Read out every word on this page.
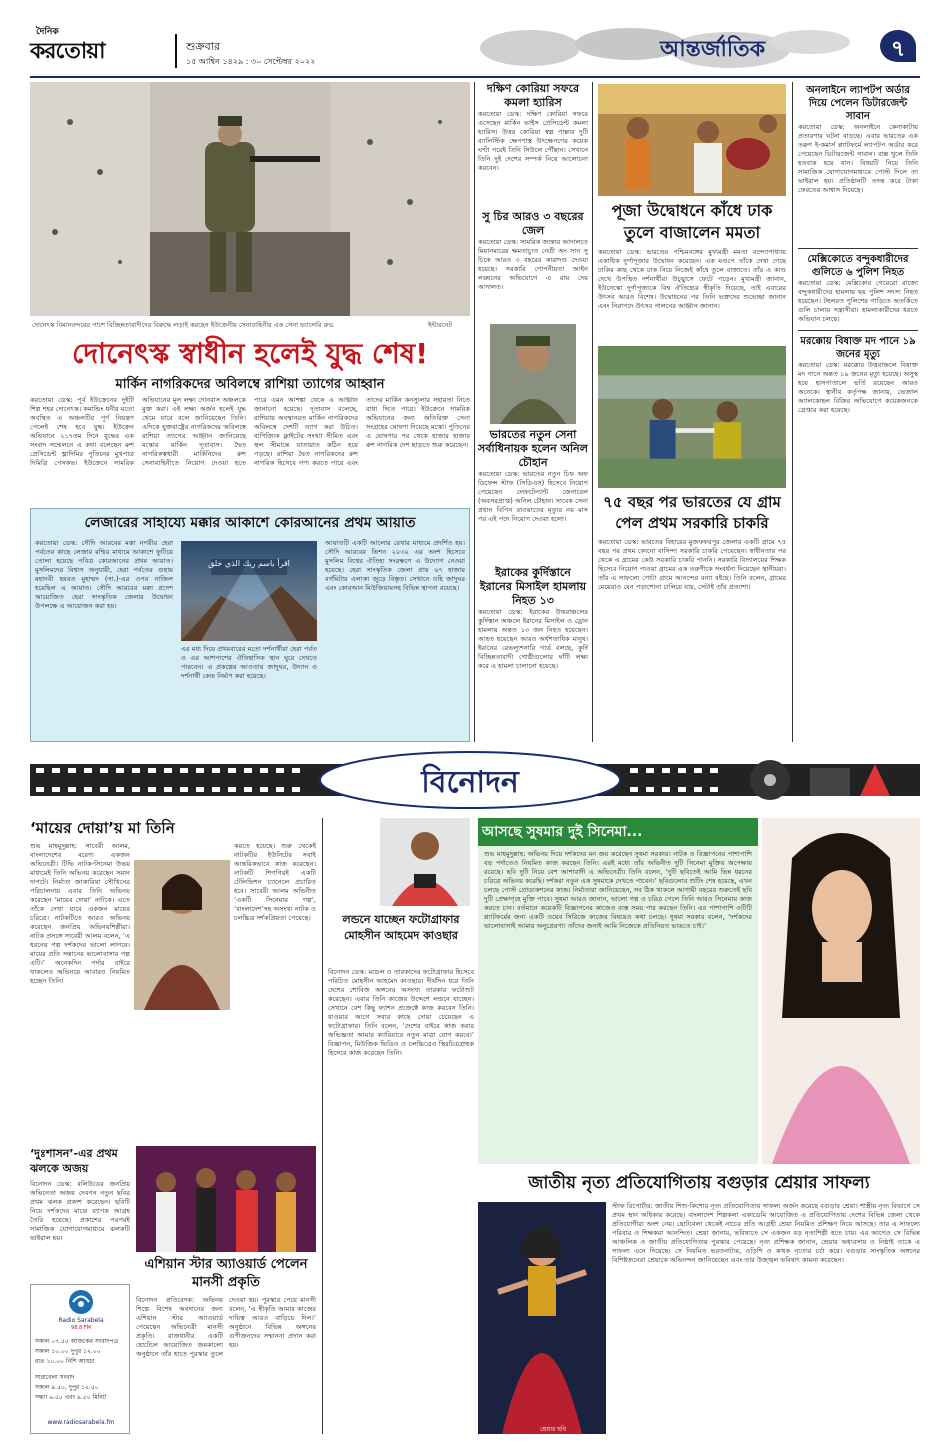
দৈনিক
করতোয়া	শুক্রবার
১৫ আশ্বিন ১৪২৯ : ৩০ সেপ্টেম্বর ২০২২	আন্তর্জাতিক	৭
দোনেৎস্ক বিমানবন্দরের পাশে বিচ্ছিন্নতাবাদীদের বিরুদ্ধে লড়াই করছেন ইউক্রেনীয় সেনাবাহিনীর এক সেনা ভ্যালেরি রুড	ইন্টারনেট
দোনেৎস্ক স্বাধীন হলেই যুদ্ধ শেষ!
মার্কিন নাগরিকদের অবিলম্বে রাশিয়া ত্যাগের আহ্বান
করতোয়া ডেস্ক: পূর্ব ইউক্রেনের দুইটি শিল্প শহর দোনেৎস্ক। কমান্ডিং ধনীর মতো অবস্থিত এ অঞ্চলটির পূর্ণ নিয়ন্ত্রণ পেলেই শেষ হবে যুদ্ধ। ইউক্রেন অভিযানে ২১৭তম দিনে যুদ্ধের এক সংবাদ সম্মেলনে এ কথা বলেছেন রুশ প্রেসিডেন্ট ভ্লাদিমির পুতিনের মুখপাত্র দিমিত্রি পেসকভ। ইউক্রেনে সামরিক অভিযানের মূল লক্ষ্য দোনবাস অঞ্চলকে মুক্ত করা। এই লক্ষ্য অর্জন হলেই যুদ্ধ থেমে যাবে বলে জানিয়েছেন তিনি। এদিকে যুক্তরাষ্ট্রের নাগরিকদের অবিলম্বে রাশিয়া ত্যাগের আহ্বান জানিয়েছে মস্কোর মার্কিন দূতাবাস। দ্বৈত নাগরিকত্বধারী মার্কিনিদের রুশ সেনাবাহিনীতে নিয়োগ দেওয়া হতে পারে এমন আশঙ্কা থেকে এ আহ্বান জানানো হয়েছে। দূতাবাস বলেছে, রাশিয়ায় অবস্থানরত মার্কিন নাগরিকদের অবিলম্বে দেশটি ত্যাগ করা উচিত। বাণিজ্যিক ফ্লাইটের সংখ্যা সীমিত এবং স্থল সীমান্তে যাতায়াত কঠিন হয়ে পড়ছে। রাশিয়া দ্বৈত নাগরিকদের রুশ নাগরিক হিসেবে গণ্য করতে পারে এবং তাদের মার্কিন কনস্যুলার সহায়তা নিতে বাধা দিতে পারে। ইউক্রেনে সামরিক অভিযানের জন্য অতিরিক্ত সেনা সংগ্রহের ঘোষণা দিয়েছে মস্কো। পুতিনের এ ঘোষণার পর থেকে হাজার হাজার রুশ নাগরিক দেশ ছাড়তে শুরু করেছেন।
লেজারের সাহায্যে মক্কার আকাশে কোরআনের প্রথম আয়াত
করতোয়া ডেস্ক: সৌদি আরবের মক্কা নগরীর হেরা পর্বতের কাছে লেজার রশ্মির মাধ্যমে আকাশে ফুটিয়ে তোলা হয়েছে পবিত্র কোরআনের প্রথম আয়াত। মুসলিমদের বিশ্বাস অনুযায়ী, হেরা পর্বতের গুহায় মহানবী হযরত মুহাম্মদ (সা.)-এর ওপর নাজিল হয়েছিল এ আয়াত। সৌদি আরবের মক্কা প্রদেশ আয়োজিত হেরা সাংস্কৃতিক জেলার উদ্বোধন উপলক্ষে এ আয়োজন করা হয়।
اقرأ باسم ربك الذي خلق
এর মধ্য দিয়ে প্রথমবারের মতো দর্শনার্থীরা হেরা পর্বত ও এর আশপাশের ঐতিহাসিক স্থান ঘুরে দেখতে পারবেন। এ প্রকল্পের আওতায় জাদুঘর, উদ্যান ও দর্শনার্থী কেন্দ্র নির্মাণ করা হয়েছে।
আয়াতটি একটি আলোর রেখার মাধ্যমে প্রদর্শিত হয়। সৌদি আরবের ভিশন ২০৩০ এর অংশ হিসেবে মুসলিম বিশ্বের ঐতিহ্য সংরক্ষণে এ উদ্যোগ নেওয়া হয়েছে। হেরা সাংস্কৃতিক জেলা প্রায় ৬৭ হাজার বর্গমিটার এলাকা জুড়ে বিস্তৃত। সেখানে ওহি জাদুঘর এবং কোরআন মিউজিয়ামসহ বিভিন্ন স্থাপনা রয়েছে।
দক্ষিণ কোরিয়া সফরে কমলা হ্যারিস
করতোয়া ডেস্ক: দক্ষিণ কোরিয়া সফরে এসেছেন মার্কিন ভাইস প্রেসিডেন্ট কমলা হ্যারিস। উত্তর কোরিয়া স্বল্প পাল্লার দুটি ব্যালিস্টিক ক্ষেপণাস্ত্র উৎক্ষেপণের কয়েক ঘণ্টা পরেই তিনি সিউলে পৌঁছান। সেখানে তিনি দুই দেশের সম্পর্ক নিয়ে আলোচনা করবেন।
সু চির আরও ৩ বছরের জেল
করতোয়া ডেস্ক: সামরিক জান্তার আদালতে মিয়ানমারের ক্ষমতাচ্যুত নেত্রী অং সান সু চিকে আরও ৩ বছরের কারাদণ্ড দেওয়া হয়েছে। সরকারি গোপনীয়তা আইন লঙ্ঘনের অভিযোগে এ রায় দেয় আদালত।
ভারতের নতুন সেনা সর্বাধিনায়ক হলেন অনিল চৌহান
করতোয়া ডেস্ক: ভারতের নতুন চিফ অফ ডিফেন্স স্টাফ (সিডিএস) হিসেবে নিয়োগ পেয়েছেন লেফটেন্যান্ট জেনারেল (অবসরপ্রাপ্ত) অনিল চৌহান। সাবেক সেনা প্রধান বিপিন রাওয়াতের মৃত্যুর নয় মাস পর এই পদে নিয়োগ দেওয়া হলো।
ইরাকের কুর্দিস্তানে ইরানের মিসাইল হামলায় নিহত ১৩
করতোয়া ডেস্ক: ইরাকের উত্তরাঞ্চলের কুর্দিস্তান অঞ্চলে ইরানের মিসাইল ও ড্রোন হামলায় অন্তত ১৩ জন নিহত হয়েছেন। আহত হয়েছেন আরও অর্ধশতাধিক মানুষ। ইরানের রেভল্যুশনারি গার্ড বলছে, কুর্দি বিচ্ছিন্নতাবাদী গোষ্ঠীগুলোর ঘাঁটি লক্ষ্য করে এ হামলা চালানো হয়েছে।
পূজা উদ্বোধনে কাঁধে ঢাক তুলে বাজালেন মমতা
করতোয়া ডেস্ক: ভারতের পশ্চিমবঙ্গের মুখ্যমন্ত্রী মমতা বন্দ্যোপাধ্যায় একাধিক দুর্গাপূজার উদ্বোধন করেছেন। এক মণ্ডপে তাঁকে দেখা গেছে ঢাকির কাছ থেকে ঢাক নিয়ে নিজেই কাঁধে তুলে বাজাতে। তাঁর এ কাণ্ড দেখে উপস্থিত দর্শনার্থীরা উচ্ছ্বাসে ফেটে পড়েন। মুখ্যমন্ত্রী জানান, ইউনেস্কো দুর্গাপূজাকে বিশ্ব ঐতিহ্যের স্বীকৃতি দিয়েছে, তাই এবারের উৎসব আরও বিশেষ। উদ্বোধনের পর তিনি ভক্তদের শুভেচ্ছা জানান এবং নিরাপদে উৎসব পালনের আহ্বান জানান।
৭৫ বছর পর ভারতের যে গ্রাম পেল প্রথম সরকারি চাকরি
করতোয়া ডেস্ক: ভারতের বিহারের মুজফফরপুর জেলার একটি গ্রামে ৭৫ বছর পর প্রথম কোনো বাসিন্দা সরকারি চাকরি পেয়েছেন। স্বাধীনতার পর থেকে এ গ্রামের কেউ সরকারি চাকরি পাননি। সরকারি বিদ্যালয়ের শিক্ষক হিসেবে নিয়োগ পাওয়া গ্রামের এক তরুণীকে সংবর্ধনা দিয়েছেন স্থানীয়রা। তাঁর এ সাফল্যে গোটা গ্রামে আনন্দের বন্যা বইছে। তিনি বলেন, গ্রামের মেয়েরাও যেন পড়াশোনা চালিয়ে যায়, সেটাই তাঁর প্রত্যাশা।
অনলাইনে ল্যাপটপ অর্ডার দিয়ে পেলেন ডিটারজেন্ট সাবান
করতোয়া ডেস্ক: অনলাইনে কেনাকাটায় প্রতারণার ঘটনা বাড়ছে। এবার ভারতের এক তরুণ ই-কমার্স প্ল্যাটফর্মে ল্যাপটপ অর্ডার করে পেয়েছেন ডিটারজেন্ট সাবান। বাক্স খুলে তিনি হতবাক হয়ে যান। বিষয়টি নিয়ে তিনি সামাজিক যোগাযোগমাধ্যমে পোস্ট দিলে তা ভাইরাল হয়। প্রতিষ্ঠানটি তদন্ত করে টাকা ফেরতের আশ্বাস দিয়েছে।
বিনোদন
‘মায়ের দোয়া’য় মা তিনি
শুভ মাহমুদুল্লাহ: সাবেরী আলম, বাংলাদেশের বরেণ্য একজন অভিনেত্রী। টিভি নাটক-সিনেমা উভয় মাধ্যমেই তিনি অভিনয় করেছেন সমান দাপটে। নির্মাতা জাকারিয়া সৌখিনের পরিচালনায় এবার তিনি অভিনয় করেছেন ‘মায়ের দোয়া’ নাটকে। এতে তাঁকে দেখা যাবে একজন মায়ের চরিত্রে। নাটকটিতে আরও অভিনয় করেছেন জনপ্রিয় অভিনয়শিল্পীরা। নাটক প্রসঙ্গে সাবেরী আলম বলেন, ‘এ ধরনের গল্প দর্শকদের ভালো লাগবে। মায়ের প্রতি সন্তানের ভালোবাসার গল্প এটি।’ অনেকদিন পর্দার বাইরে থাকলেও অভিনয়ে আবারও নিয়মিত হচ্ছেন তিনি।
করতে হয়েছে। শুরু থেকেই নাটকটির ইউনিটের সবাই আন্তরিকভাবে কাজ করেছেন। নাটকটি শিগগিরই একটি টেলিভিশন চ্যানেলে প্রচারিত হবে। সাবেরী আলম অভিনীত ‘একটি সিনেমার গল্প’, ‘বাংলাদেশ’সহ অসংখ্য নাটক ও চলচ্চিত্র দর্শকপ্রিয়তা পেয়েছে।	লন্ডনে যাচ্ছেন ফটোগ্রাফার মোহসীন আহমেদ কাওছার
বিনোদন ডেস্ক: মডেল ও তারকাদের ফটোগ্রাফার হিসেবে পরিচিত মোহসীন আহমেদ কাওছার। দীর্ঘদিন ধরে তিনি দেশের শোবিজ অঙ্গনের অসংখ্য তারকার ফটোশুট করেছেন। এবার তিনি কাজের উদ্দেশে লন্ডনে যাচ্ছেন। সেখানে বেশ কিছু ফ্যাশন প্রজেক্টে কাজ করবেন তিনি। যাওয়ার আগে সবার কাছে দোয়া চেয়েছেন এ ফটোগ্রাফার। তিনি বলেন, ‘দেশের বাইরে কাজ করার অভিজ্ঞতা আমার ক্যারিয়ারে নতুন মাত্রা যোগ করবে।’ বিজ্ঞাপন, মিউজিক ভিডিও ও চলচ্চিত্রেও স্থিরচিত্রগ্রাহক হিসেবে কাজ করেছেন তিনি।
‘দুঃশাসন’-এর প্রথম ঝলকে অজয়
বিনোদন ডেস্ক: বলিউডের জনপ্রিয় অভিনেতা অজয় দেবগন নতুন ছবির প্রথম ঝলক প্রকাশ করেছেন। ছবিটি নিয়ে দর্শকদের মাঝে ব্যাপক আগ্রহ তৈরি হয়েছে। প্রকাশের পরপরই সামাজিক যোগাযোগমাধ্যমে ঝলকটি ভাইরাল হয়।
Radio Sarabela
98.8 FM
সকাল ০৭.৫৫ আজকের সংবাদপত্র
সকাল ১০.০০ দুপুর ১২.০০
রাত ১০.০০ নিশি আড্ডা
সারাবেলা সংবাদ
সকাল ৯.৫০, দুপুর ১২.৫০
সন্ধ্যা ৬.৫০ এবং ৯.৫০ মিনিট
www.radiosarabela.fm
এশিয়ান স্টার অ্যাওয়ার্ড পেলেন মানসী প্রকৃতি
বিনোদন প্রতিবেদক: অভিনয় শিল্পে বিশেষ অবদানের জন্য এশিয়ান স্টার অ্যাওয়ার্ড পেয়েছেন অভিনেত্রী মানসী প্রকৃতি। রাজধানীর একটি হোটেলে আয়োজিত জমকালো অনুষ্ঠানে তাঁর হাতে পুরস্কার তুলে দেওয়া হয়। পুরস্কার পেয়ে মানসী বলেন, ‘এ স্বীকৃতি আমার কাজের দায়িত্ব আরও বাড়িয়ে দিল।’ অনুষ্ঠানে বিভিন্ন অঙ্গনের গুণীজনদের সম্মাননা প্রদান করা হয়।
আসছে সুষমার দুই সিনেমা...
শুভ মাহমুদুল্লাহ: অভিনয় দিয়ে দর্শকদের মন জয় করেছেন সুষমা সরকার। নাটক ও বিজ্ঞাপনের পাশাপাশি বড় পর্দাতেও নিয়মিত কাজ করছেন তিনি। এরই মধ্যে তাঁর অভিনীত দুটি সিনেমা মুক্তির অপেক্ষায় রয়েছে। ছবি দুটি নিয়ে বেশ আশাবাদী এ অভিনেত্রী। তিনি বলেন, ‘দুটি ছবিতেই আমি ভিন্ন ধরনের চরিত্রে অভিনয় করেছি। দর্শকরা নতুন এক সুষমাকে দেখতে পাবেন।’ ছবিগুলোর শুটিং শেষ হয়েছে, এখন চলছে পোস্ট প্রোডাকশনের কাজ। নির্মাতারা জানিয়েছেন, সব ঠিক থাকলে আগামী বছরের শুরুতেই ছবি দুটি প্রেক্ষাগৃহে মুক্তি পাবে। সুষমা আরও জানান, ভালো গল্প ও চরিত্র পেলে তিনি আরও সিনেমায় কাজ করতে চান। বর্তমানে কয়েকটি বিজ্ঞাপনের কাজেও ব্যস্ত সময় পার করছেন তিনি। এর পাশাপাশি ওটিটি প্ল্যাটফর্মের জন্য একটি ওয়েব সিরিজে কাজের বিষয়েও কথা চলছে। সুষমা সরকার বলেন, ‘দর্শকদের ভালোবাসাই আমার অনুপ্রেরণা। তাঁদের জন্যই আমি নিজেকে প্রতিনিয়ত ভাঙতে চাই।’
জাতীয় নৃত্য প্রতিযোগিতায় বগুড়ার শ্রেয়ার সাফল্য
শ্রেয়ার ছবি
স্টাফ রিপোর্টার: জাতীয় শিশু-কিশোর নৃত্য প্রতিযোগিতায় সাফল্য অর্জন করেছে বগুড়ার শ্রেয়া। শাস্ত্রীয় নৃত্য বিভাগে সে প্রথম স্থান অধিকার করেছে। বাংলাদেশ শিল্পকলা একাডেমি আয়োজিত এ প্রতিযোগিতায় দেশের বিভিন্ন জেলা থেকে প্রতিযোগীরা অংশ নেয়। ছোটবেলা থেকেই নাচের প্রতি আগ্রহী শ্রেয়া নিয়মিত প্রশিক্ষণ নিয়ে আসছে। তার এ সাফল্যে পরিবার ও শিক্ষকরা আনন্দিত। শ্রেয়া জানায়, ভবিষ্যতে সে একজন বড় নৃত্যশিল্পী হতে চায়। এর আগেও সে বিভিন্ন আঞ্চলিক ও জাতীয় প্রতিযোগিতায় পুরস্কার পেয়েছে। নৃত্য প্রশিক্ষক জানান, শ্রেয়ার অধ্যবসায় ও নিষ্ঠাই তাকে এ সাফল্য এনে দিয়েছে। সে নিয়মিত ভরতনাট্যম, ওড়িশি ও কত্থক নৃত্যের চর্চা করে। বগুড়ার সাংস্কৃতিক অঙ্গনের বিশিষ্টজনেরা শ্রেয়াকে অভিনন্দন জানিয়েছেন এবং তার উজ্জ্বল ভবিষ্যৎ কামনা করেছেন।
মেক্সিকোতে বন্দুকধারীদের গুলিতে ৬ পুলিশ নিহত
করতোয়া ডেস্ক: মেক্সিকোর গেরেরো রাজ্যে বন্দুকধারীদের হামলায় ছয় পুলিশ সদস্য নিহত হয়েছেন। টহলরত পুলিশের গাড়িতে অতর্কিতে গুলি চালায় সন্ত্রাসীরা। হামলাকারীদের ধরতে অভিযান চলছে।
মরক্কোয় বিষাক্ত মদ পানে ১৯ জনের মৃত্যু
করতোয়া ডেস্ক: মরক্কোর উত্তরাঞ্চলে বিষাক্ত মদ পানে অন্তত ১৯ জনের মৃত্যু হয়েছে। অসুস্থ হয়ে হাসপাতালে ভর্তি রয়েছেন আরও অনেকে। স্থানীয় কর্তৃপক্ষ জানায়, ভেজাল অ্যালকোহল বিক্রির অভিযোগে কয়েকজনকে গ্রেপ্তার করা হয়েছে।
